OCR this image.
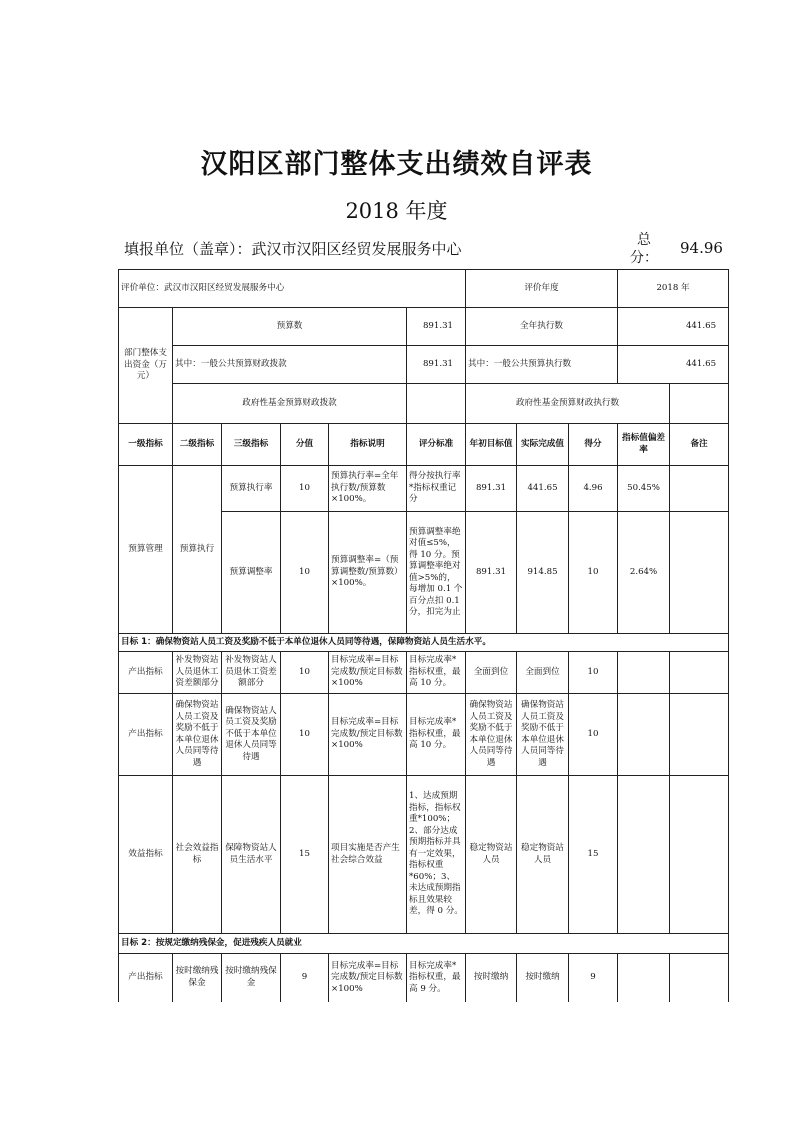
汉阳区部门整体支出绩效自评表
2018 年度
填报单位（盖章）：武汉市汉阳区经贸发展服务中心	总分：
94.96
评价单位：武汉市汉阳区经贸发展服务中心						评价年度			2018 年	
部门整体支出资金（万元）	预算数				891.31	全年执行数			441.65	
	其中：一般公共预算财政拨款				891.31	其中：一般公共预算执行数			441.65	
	政府性基金预算财政拨款					政府性基金预算财政执行数				
一级指标	二级指标	三级指标	分值	指标说明	评分标准	年初目标值	实际完成值	得分	指标值偏差率	备注
预算管理	预算执行	预算执行率	10	预算执行率=全年执行数/预算数×100%。	得分按执行率*指标权重记分	891.31	441.65	4.96	50.45%	
		预算调整率	10	预算调整率=（预算调整数/预算数）×100%。	预算调整率绝对值≤5%，得 10 分。预算调整率绝对值>5%的，每增加 0.1 个百分点扣 0.1 分，扣完为止	891.31	914.85	10	2.64%	
目标 1：确保物资站人员工资及奖励不低于本单位退休人员同等待遇，保障物资站人员生活水平。										
产出指标	补发物资站人员退休工资差额部分	补发物资站人员退休工资差额部分	10	目标完成率=目标完成数/预定目标数×100%	目标完成率*指标权重，最高 10 分。	全面到位	全面到位	10		
产出指标	确保物资站人员工资及奖励不低于本单位退休人员同等待遇	确保物资站人员工资及奖励不低于本单位退休人员同等待遇	10	目标完成率=目标完成数/预定目标数×100%	目标完成率*指标权重，最高 10 分。	确保物资站人员工资及奖励不低于本单位退休人员同等待遇	确保物资站人员工资及奖励不低于本单位退休人员同等待遇	10		
效益指标	社会效益指标	保障物资站人员生活水平	15	项目实施是否产生社会综合效益	1、达成预期指标，指标权重*100%；2、部分达成预期指标并具有一定效果，指标权重*60%；3、未达成预期指标且效果较差，得 0 分。	稳定物资站人员	稳定物资站人员	15		
目标 2：按规定缴纳残保金，促进残疾人员就业										
产出指标	按时缴纳残保金	按时缴纳残保金	9	目标完成率=目标完成数/预定目标数×100%	目标完成率*指标权重，最高 9 分。	按时缴纳	按时缴纳	9		
